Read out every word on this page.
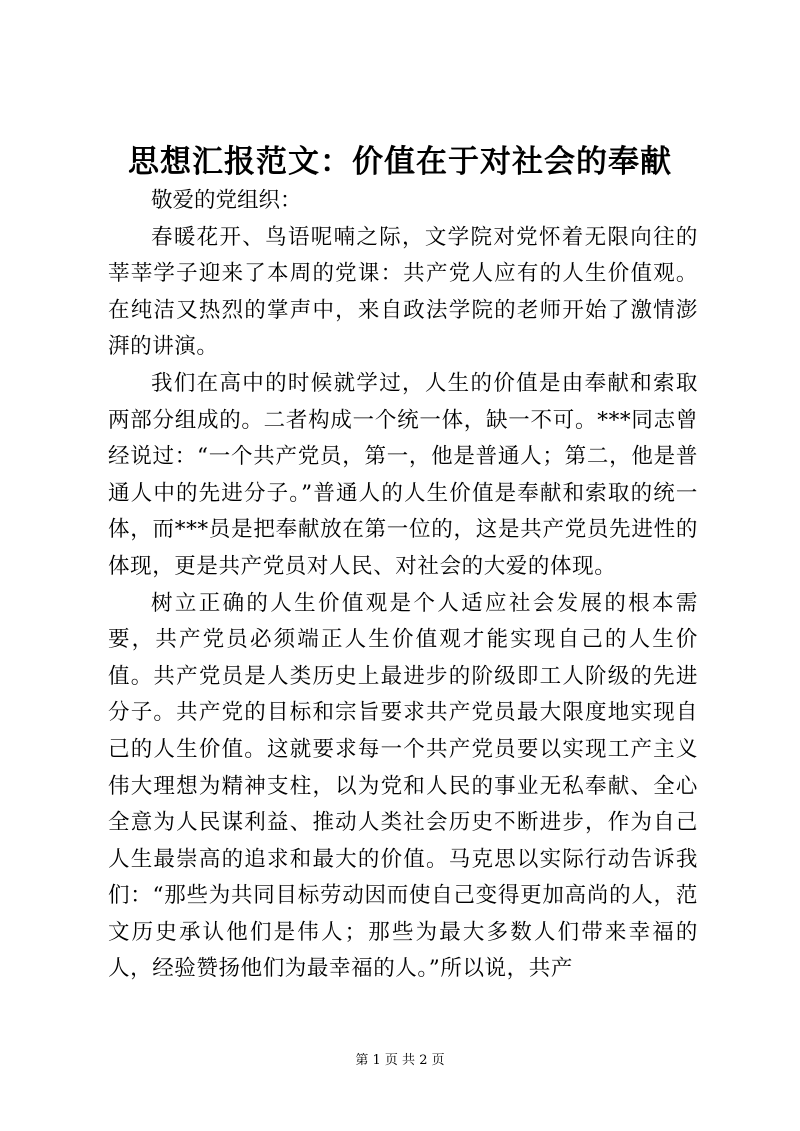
思想汇报范文：价值在于对社会的奉献

敬爱的党组织：

春暖花开、鸟语呢喃之际，文学院对党怀着无限向往的莘莘学子迎来了本周的党课：共产党人应有的人生价值观。在纯洁又热烈的掌声中，来自政法学院的老师开始了激情澎湃的讲演。

我们在高中的时候就学过，人生的价值是由奉献和索取两部分组成的。二者构成一个统一体，缺一不可。***同志曾经说过：“一个共产党员，第一，他是普通人；第二，他是普通人中的先进分子。”普通人的人生价值是奉献和索取的统一体，而***员是把奉献放在第一位的，这是共产党员先进性的体现，更是共产党员对人民、对社会的大爱的体现。

树立正确的人生价值观是个人适应社会发展的根本需要，共产党员必须端正人生价值观才能实现自己的人生价值。共产党员是人类历史上最进步的阶级即工人阶级的先进分子。共产党的目标和宗旨要求共产党员最大限度地实现自己的人生价值。这就要求每一个共产党员要以实现工产主义伟大理想为精神支柱，以为党和人民的事业无私奉献、全心全意为人民谋利益、推动人类社会历史不断进步，作为自己人生最崇高的追求和最大的价值。马克思以实际行动告诉我们：“那些为共同目标劳动因而使自己变得更加高尚的人，范文历史承认他们是伟人；那些为最大多数人们带来幸福的人，经验赞扬他们为最幸福的人。”所以说，共产

第 1 页 共 2 页
